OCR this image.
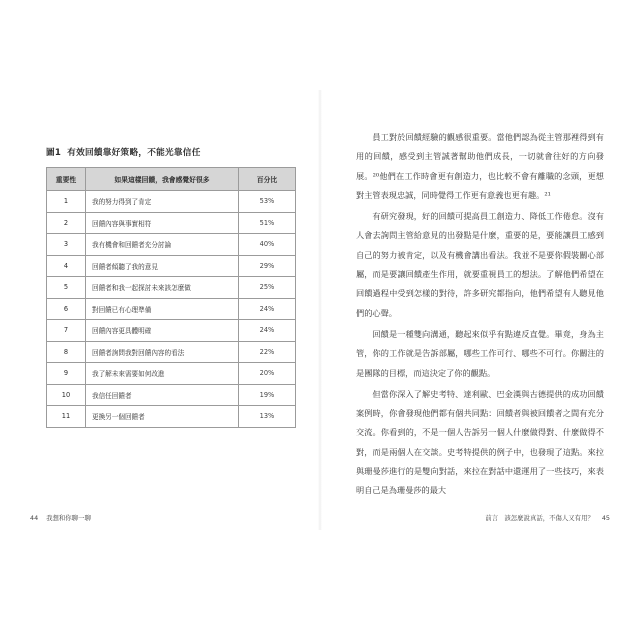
圖1 有效回饋靠好策略，不能光靠信任
重要性	如果這樣回饋，我會感覺好很多	百分比
1	我的努力得到了肯定	53%
2	回饋內容與事實相符	51%
3	我有機會和回饋者充分討論	40%
4	回饋者傾聽了我的意見	29%
5	回饋者和我一起探討未來該怎麼做	25%
6	對回饋已有心理準備	24%
7	回饋內容更具體明確	24%
8	回饋者詢問我對回饋內容的看法	22%
9	我了解未來需要如何改進	20%
10	我信任回饋者	19%
11	更換另一個回饋者	13%
44 我想和你聊一聊

員工對於回饋經驗的觀感很重要。當他們認為從主管那裡得到有用的回饋，感受到主管誠著幫助他們成長，一切就會往好的方向發展。²⁰他們在工作時會更有創造力，也比較不會有離職的念頭，更想對主管表現忠誠，同時覺得工作更有意義也更有趣。²¹

有研究發現，好的回饋可提高員工創造力、降低工作倦怠。沒有人會去詢問主管給意見的出發點是什麼，重要的是，要能讓員工感到自己的努力被肯定，以及有機會講出看法。我並不是要你假裝關心部屬，而是要讓回饋產生作用，就要重視員工的想法。了解他們希望在回饋過程中受到怎樣的對待，許多研究都指向，他們希望有人聽見他們的心聲。

回饋是一種雙向溝通，聽起來似乎有點違反直覺。畢竟，身為主管，你的工作就是告訴部屬，哪些工作可行、哪些不可行。你關注的是團隊的目標，而這決定了你的觀點。

但當你深入了解史考特、達利歐、巴金漢與古德提供的成功回饋案例時，你會發現他們都有個共同點：回饋者與被回饋者之間有充分交流。你看到的，不是一個人告訴另一個人什麼做得對、什麼做得不對，而是兩個人在交談。史考特提供的例子中，也發現了這點。來拉與珊曼莎進行的是雙向對話，來拉在對話中還運用了一些技巧，來表明自己是為珊曼莎的最大

前言　該怎麼說真話，不傷人又有用？ 45
